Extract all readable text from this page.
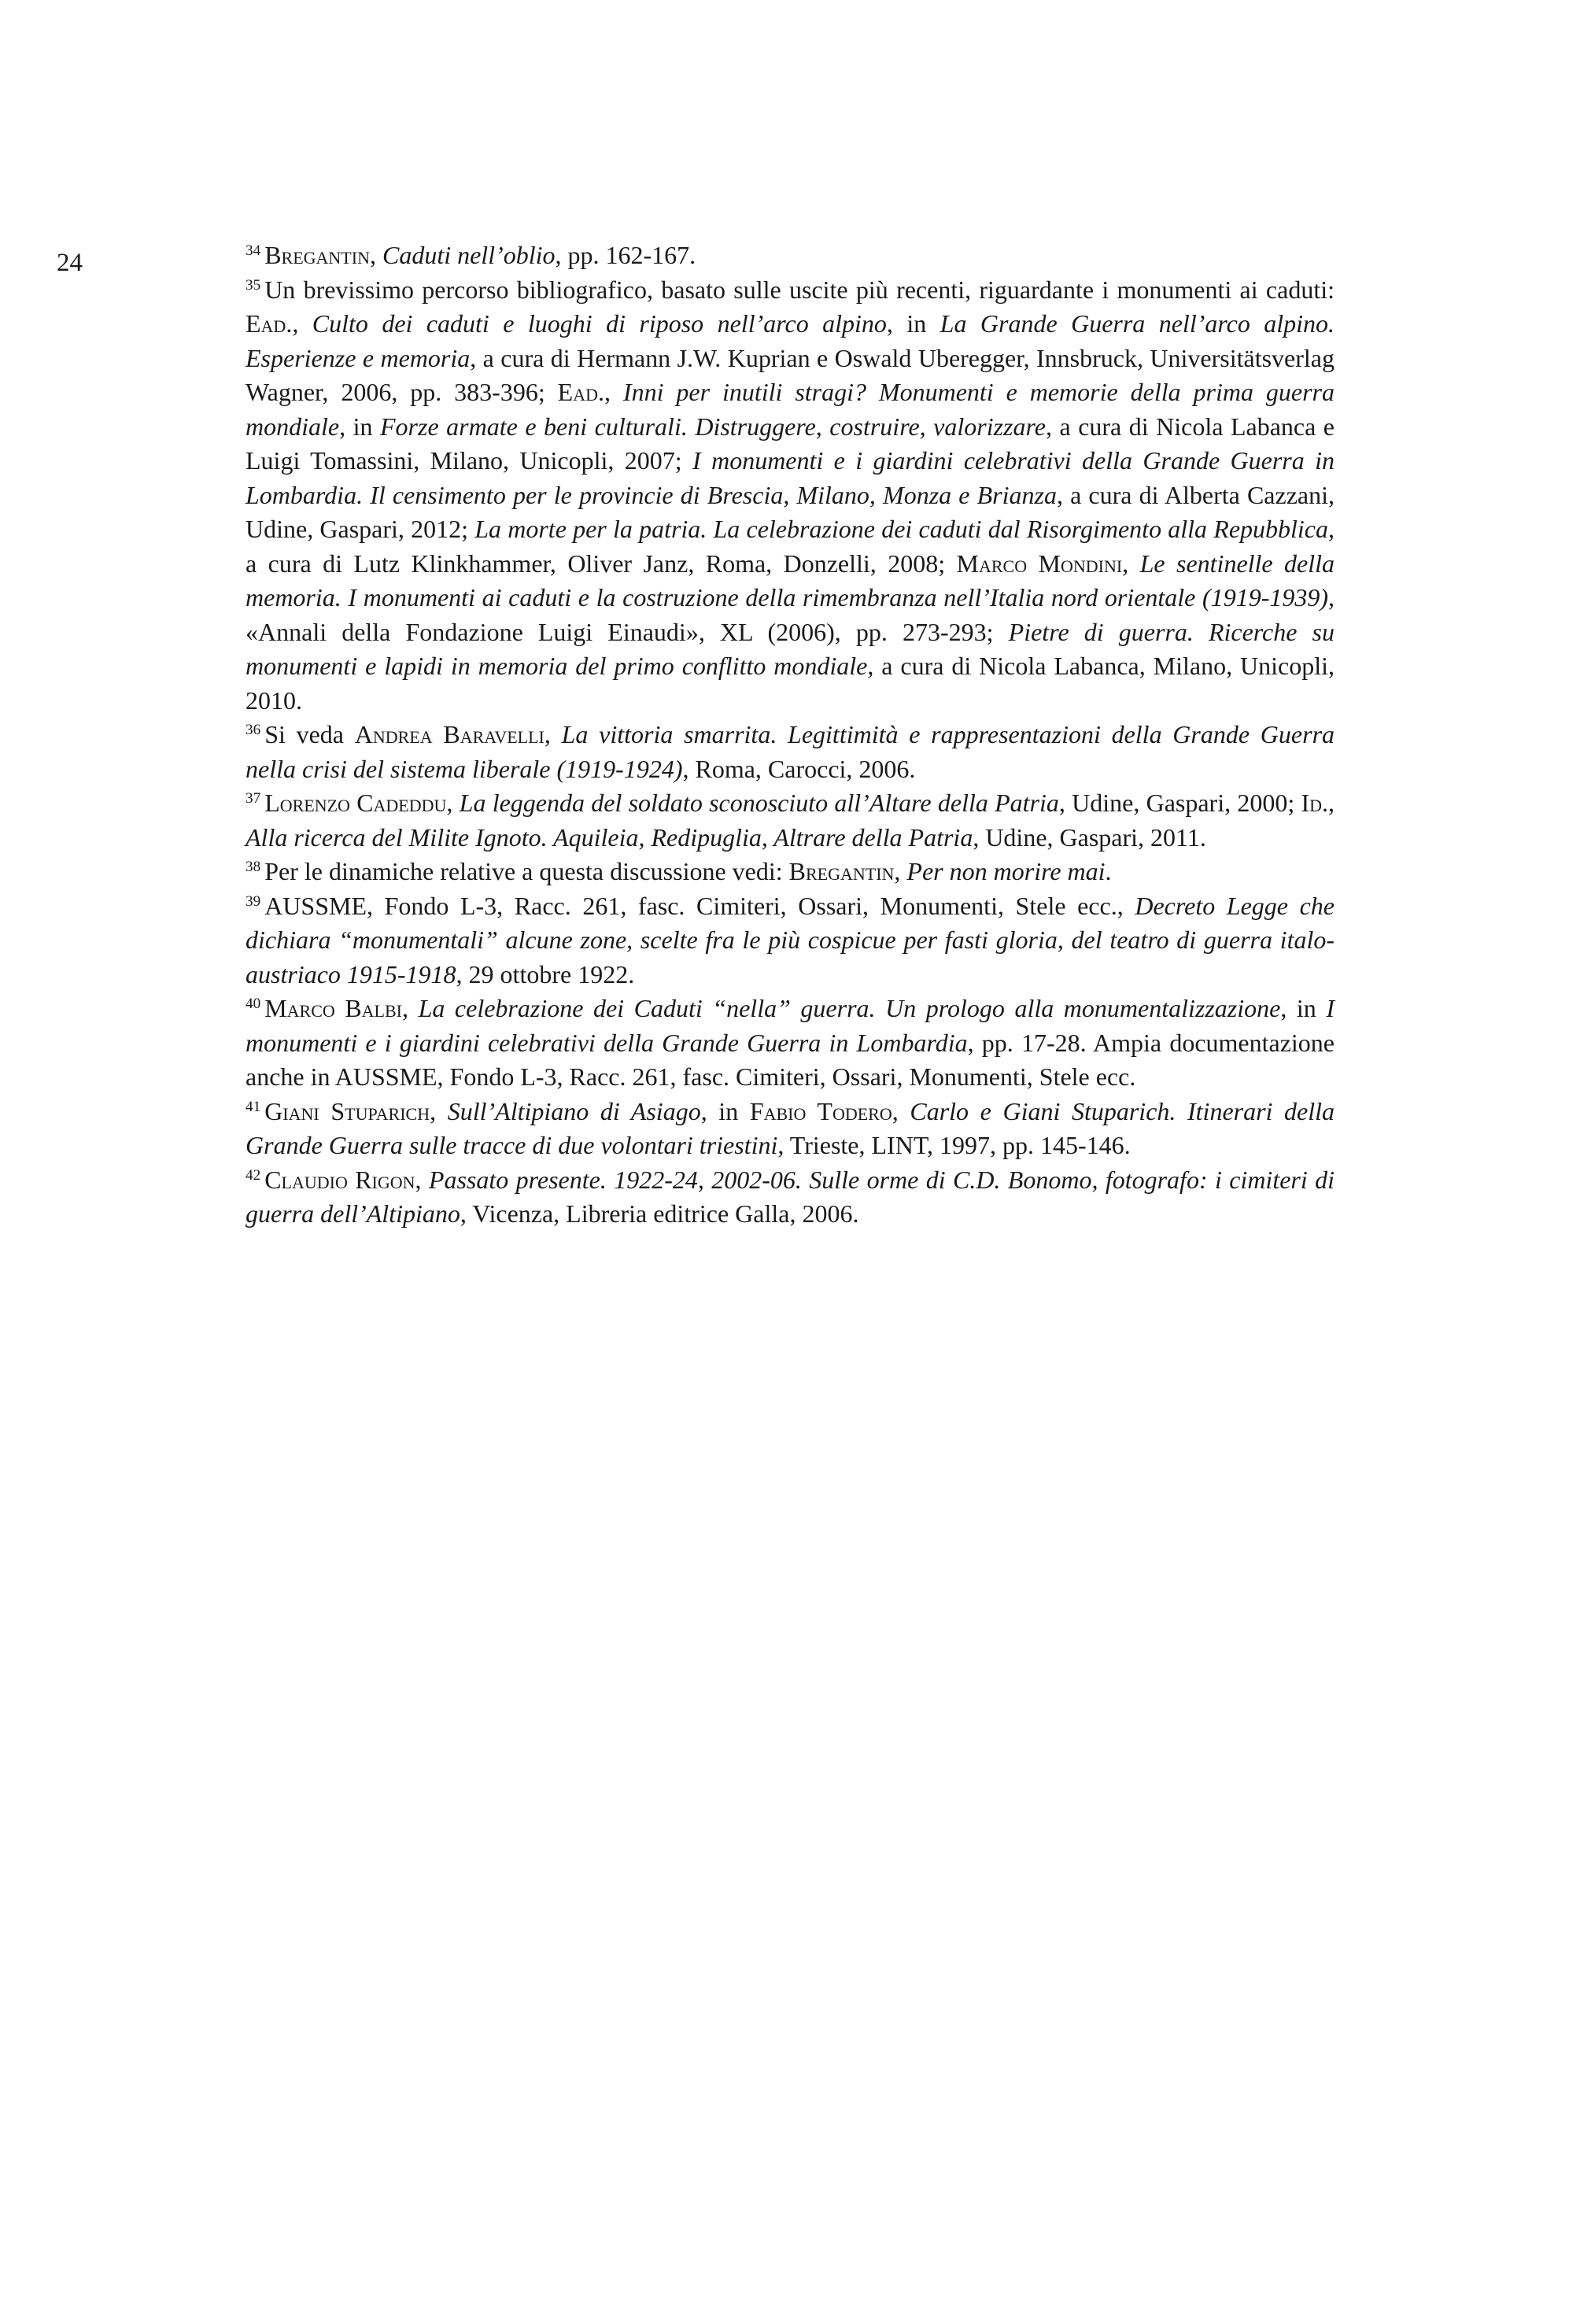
24	$^{34}$ Bregantin, Caduti nell’oblio, pp. 162-167.

$^{35}$ Un brevissimo percorso bibliografico, basato sulle uscite più recenti, riguardante i monumenti ai caduti: Ead., Culto dei caduti e luoghi di riposo nell’arco alpino, in La Grande Guerra nell’arco alpino. Esperienze e memoria, a cura di Hermann J.W. Kuprian e Oswald Uberegger, Innsbruck, Universitätsverlag Wagner, 2006, pp. 383-396; Ead., Inni per inutili stragi? Monumenti e memorie della prima guerra mondiale, in Forze armate e beni culturali. Distruggere, costruire, valorizzare, a cura di Nicola Labanca e Luigi Tomassini, Milano, Unicopli, 2007; I monumenti e i giardini celebrativi della Grande Guerra in Lombardia. Il censimento per le provincie di Brescia, Milano, Monza e Brianza, a cura di Alberta Cazzani, Udine, Gaspari, 2012; La morte per la patria. La celebrazione dei caduti dal Risorgimento alla Repubblica, a cura di Lutz Klinkhammer, Oliver Janz, Roma, Donzelli, 2008; Marco Mondini, Le sentinelle della memoria. I monumenti ai caduti e la costruzione della rimembranza nell’Italia nord orientale (1919-1939), «Annali della Fondazione Luigi Einaudi», XL (2006), pp. 273-293; Pietre di guerra. Ricerche su monumenti e lapidi in memoria del primo conflitto mondiale, a cura di Nicola Labanca, Milano, Unicopli, 2010.

$^{36}$ Si veda Andrea Baravelli, La vittoria smarrita. Legittimità e rappresentazioni della Grande Guerra nella crisi del sistema liberale (1919-1924), Roma, Carocci, 2006.

$^{37}$ Lorenzo Cadeddu, La leggenda del soldato sconosciuto all’Altare della Patria, Udine, Gaspari, 2000; Id., Alla ricerca del Milite Ignoto. Aquileia, Redipuglia, Altrare della Patria, Udine, Gaspari, 2011.

$^{38}$ Per le dinamiche relative a questa discussione vedi: Bregantin, Per non morire mai.

$^{39}$ AUSSME, Fondo L-3, Racc. 261, fasc. Cimiteri, Ossari, Monumenti, Stele ecc., Decreto Legge che dichiara “monumentali” alcune zone, scelte fra le più cospicue per fasti gloria, del teatro di guerra italo-austriaco 1915-1918, 29 ottobre 1922.

$^{40}$ Marco Balbi, La celebrazione dei Caduti “nella” guerra. Un prologo alla monumentalizzazione, in I monumenti e i giardini celebrativi della Grande Guerra in Lombardia, pp. 17-28. Ampia documentazione anche in AUSSME, Fondo L-3, Racc. 261, fasc. Cimiteri, Ossari, Monumenti, Stele ecc.

$^{41}$ Giani Stuparich, Sull’Altipiano di Asiago, in Fabio Todero, Carlo e Giani Stuparich. Itinerari della Grande Guerra sulle tracce di due volontari triestini, Trieste, LINT, 1997, pp. 145-146.

$^{42}$ Claudio Rigon, Passato presente. 1922-24, 2002-06. Sulle orme di C.D. Bonomo, fotografo: i cimiteri di guerra dell’Altipiano, Vicenza, Libreria editrice Galla, 2006.
